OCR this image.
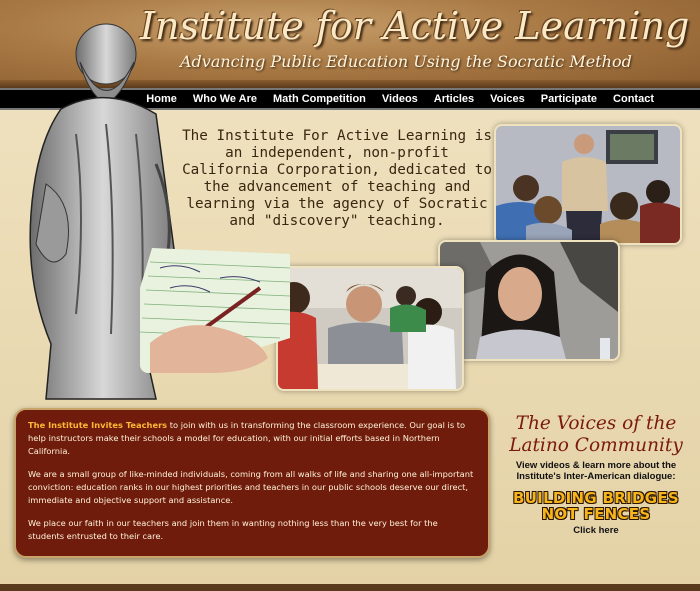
Institute for Active Learning
Advancing Public Education Using the Socratic Method
Home	Who We Are	Math Competition	Videos	Articles	Voices	Participate	Contact
The Institute For Active Learning is an independent, non-profit California Corporation, dedicated to the advancement of teaching and learning via the agency of Socratic and "discovery" teaching.

The Institute Invites Teachers to join with us in transforming the classroom experience. Our goal is to help instructors make their schools a model for education, with our initial efforts based in Northern California.

We are a small group of like-minded individuals, coming from all walks of life and sharing one all-important conviction: education ranks in our highest priorities and teachers in our public schools deserve our direct, immediate and objective support and assistance.

We place our faith in our teachers and join them in wanting nothing less than the very best for the students entrusted to their care.

The Voices of the Latino Community
View videos & learn more about the Institute's Inter-American dialogue:
BUILDING BRIDGES
NOT FENCES
Click here
